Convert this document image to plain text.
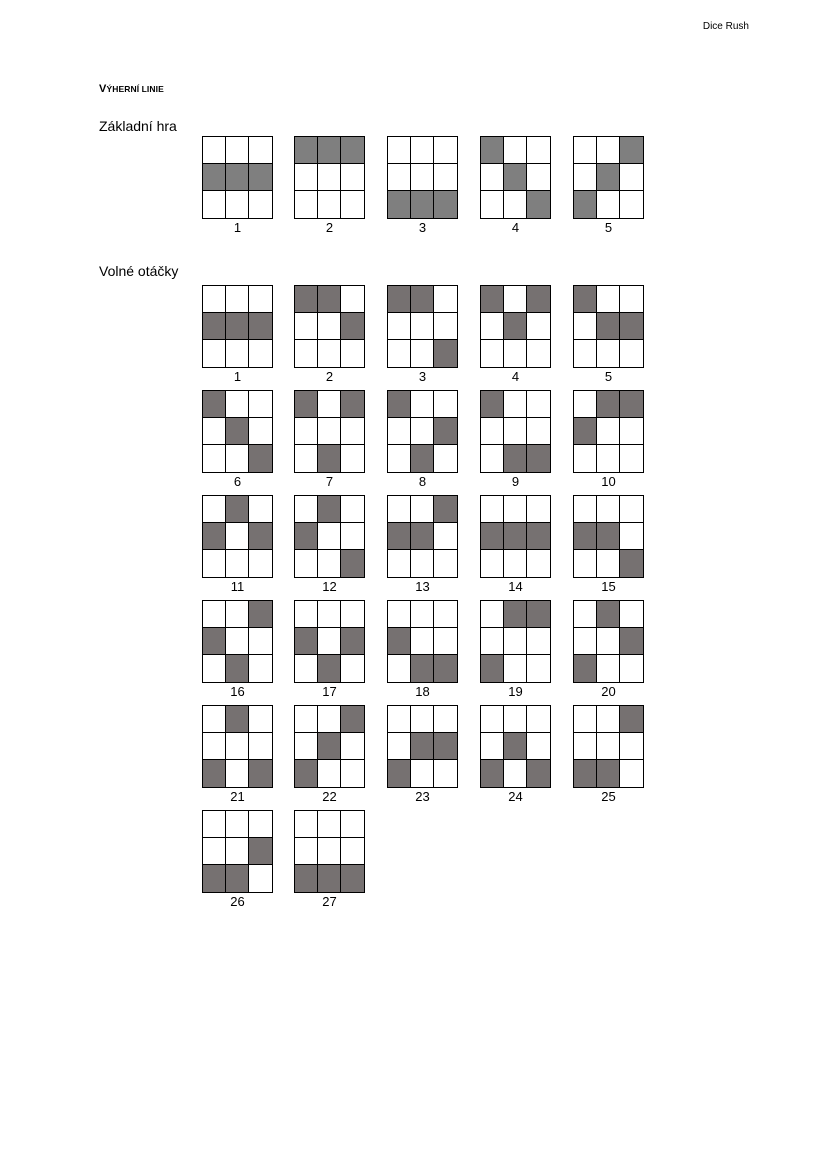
Dice Rush
VÝHERNÍ LINIE
Základní hra
1	2	3	4	5
Volné otáčky
1	2	3	4	5
6	7	8	9	10
11	12	13	14	15
16	17	18	19	20
21	22	23	24	25
26	27
